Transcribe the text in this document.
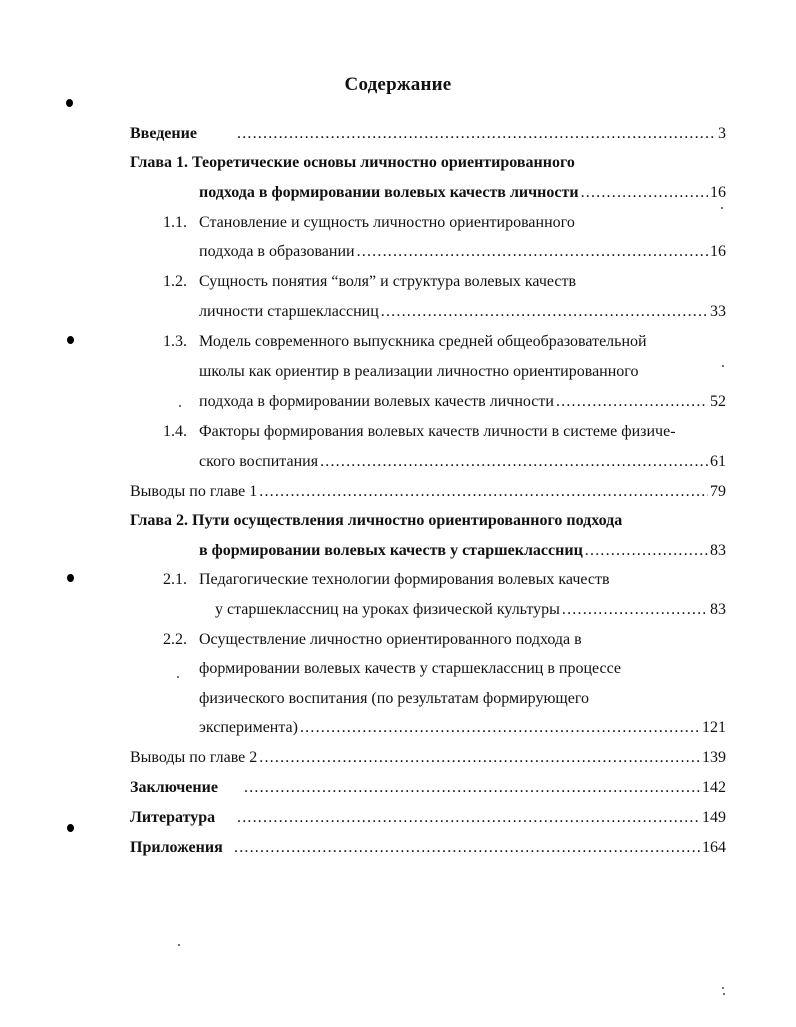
Содержание
Введение .....	3
Глава 1. Теоретические основы личностно ориентированного
подхода в формировании волевых качеств личности .....	16
1.1. Становление и сущность личностно ориентированного
подхода в образовании .....	16
1.2. Сущность понятия “воля” и структура волевых качеств
личности старшеклассниц .....	33
1.3. Модель современного выпускника средней общеобразовательной
школы как ориентир в реализации личностно ориентированного
подхода в формировании волевых качеств личности .....	52
1.4. Факторы формирования волевых качеств личности в системе физиче-
ского воспитания .....	61
Выводы по главе 1 .....	79
Глава 2. Пути осуществления личностно ориентированного подхода
в формировании волевых качеств у старшеклассниц .....	83
2.1. Педагогические технологии формирования волевых качеств
у старшеклассниц на уроках физической культуры .....	83
2.2. Осуществление личностно ориентированного подхода в
формировании волевых качеств у старшеклассниц в процессе
физического воспитания (по результатам формирующего
эксперимента) .....	121
Выводы по главе 2 .....	139
Заключение .....	142
Литература .....	149
Приложения .....	164
